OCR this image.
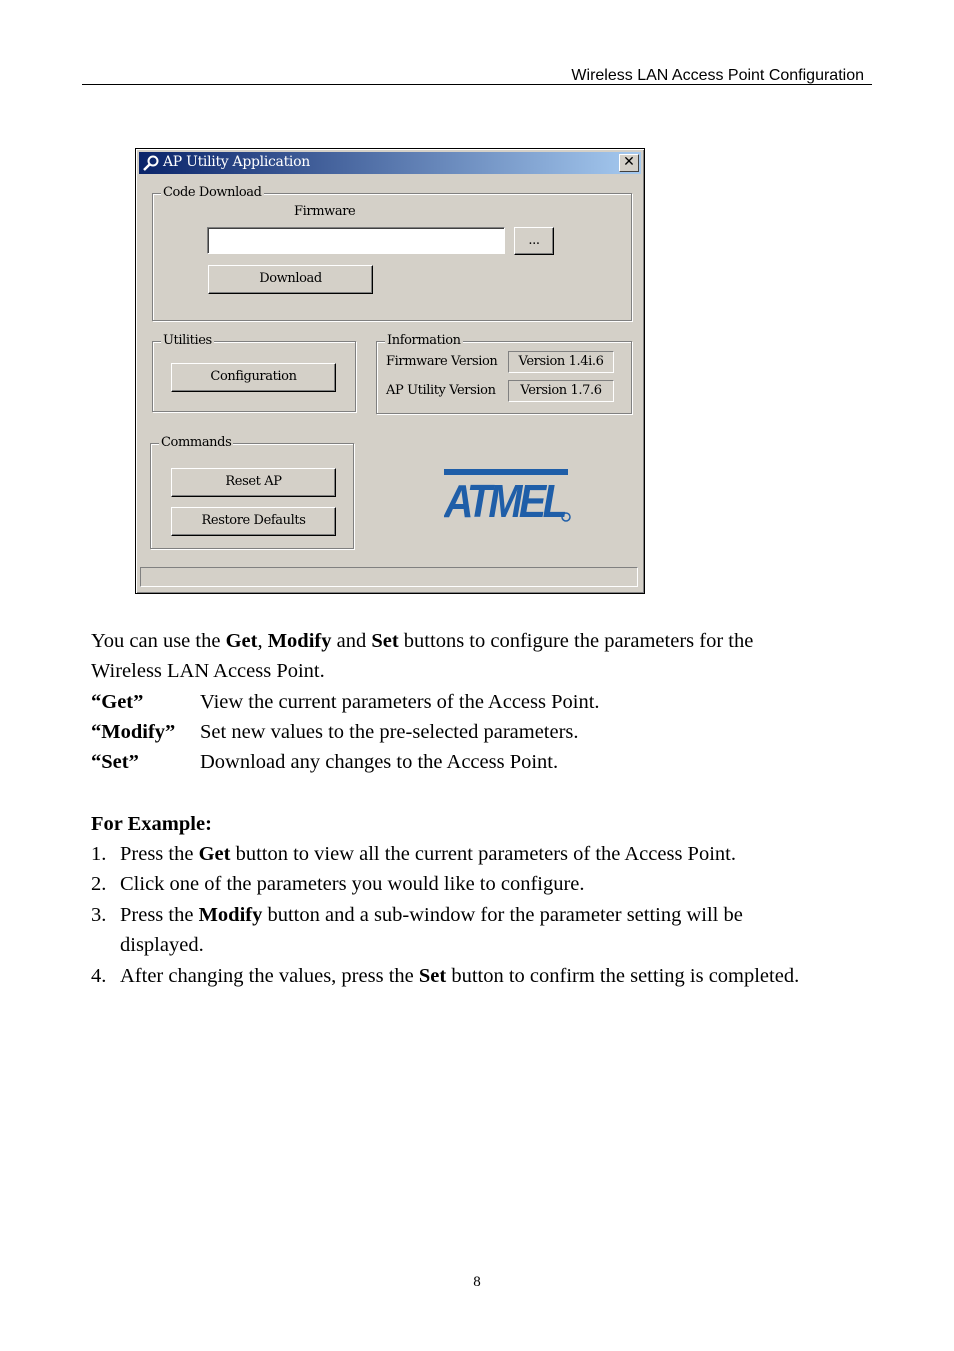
Wireless LAN Access Point Configuration
AP Utility Application	✕
Code Download
Firmware
...
Download
Utilities
Configuration
Information
Firmware Version	Version 1.4i.6
AP Utility Version	Version 1.7.6
Commands
Reset AP
Restore Defaults	ATMEL
You can use the Get, Modify and Set buttons to configure the parameters for the
Wireless LAN Access Point.
“Get”	View the current parameters of the Access Point.
“Modify” Set new values to the pre-selected parameters.
“Set”	Download any changes to the Access Point.
For Example:
1. Press the Get button to view all the current parameters of the Access Point.
2. Click one of the parameters you would like to configure.
3. Press the Modify button and a sub-window for the parameter setting will be
displayed.
4. After changing the values, press the Set button to confirm the setting is completed.
8
